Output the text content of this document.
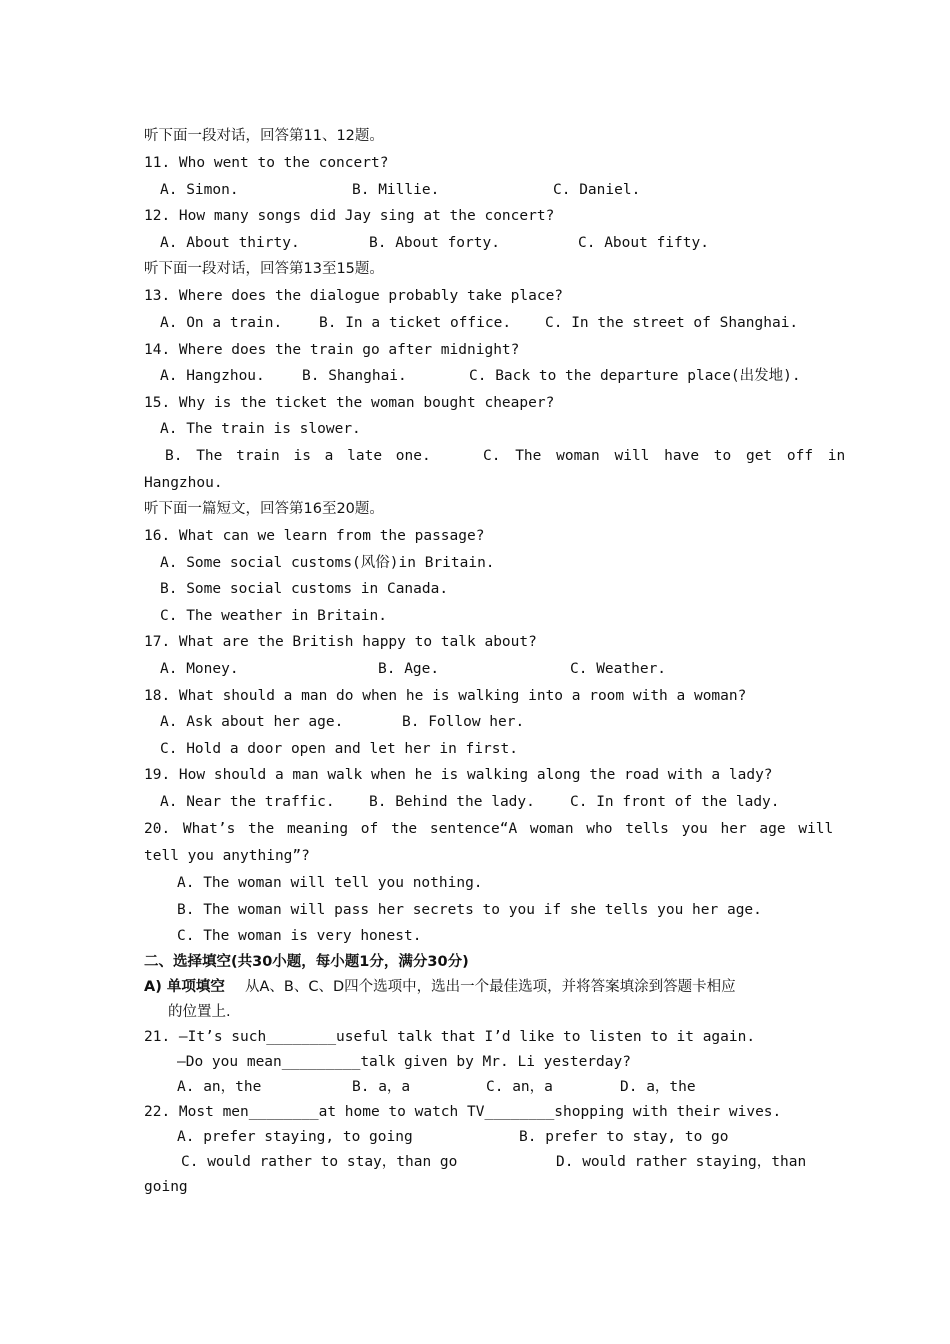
听下面一段对话，回答第11、12题。
11. Who went to the concert?
A. Simon.	B. Millie.	C. Daniel.
12. How many songs did Jay sing at the concert?
A. About thirty.	B. About forty.	C. About fifty.
听下面一段对话，回答第13至15题。
13. Where does the dialogue probably take place?
A. On a train.	B. In a ticket office. C. In the street of Shanghai.
14. Where does the train go after midnight?
A. Hangzhou.	B. Shanghai.	C. Back to the departure place(出发地).
15. Why is the ticket the woman bought cheaper?
A. The train is slower.
B. The train is a late one.	C. The woman will have to get off in
Hangzhou.
听下面一篇短文，回答第16至20题。
16. What can we learn from the passage?
A. Some social customs(风俗)in Britain.
B. Some social customs in Canada.
C. The weather in Britain.
17. What are the British happy to talk about?
A. Money.	B. Age.	C. Weather.
18. What should a man do when he is walking into a room with a woman?
A. Ask about her age.	B. Follow her.
C. Hold a door open and let her in first.
19. How should a man walk when he is walking along the road with a lady?
A. Near the traffic. B. Behind the lady. C. In front of the lady.
20. What’s the meaning of the sentence“A woman who tells you her age will
tell you anything”?
A. The woman will tell you nothing.
B. The woman will pass her secrets to you if she tells you her age.
C. The woman is very honest.
二、选择填空(共30小题，每小题1分，满分30分)
A) 单项填空 从A、B、C、D四个选项中，选出一个最佳选项，并将答案填涂到答题卡相应
的位置上.
21. —It’s such________useful talk that I’d like to listen to it again.
—Do you mean_________talk given by Mr. Li yesterday?
A. an，the	B. a，a	C. an，a	D. a，the
22. Most men________at home to watch TV________shopping with their wives.
A. prefer staying, to going	B. prefer to stay, to go
C. would rather to stay，than go	D. would rather staying，than
going
